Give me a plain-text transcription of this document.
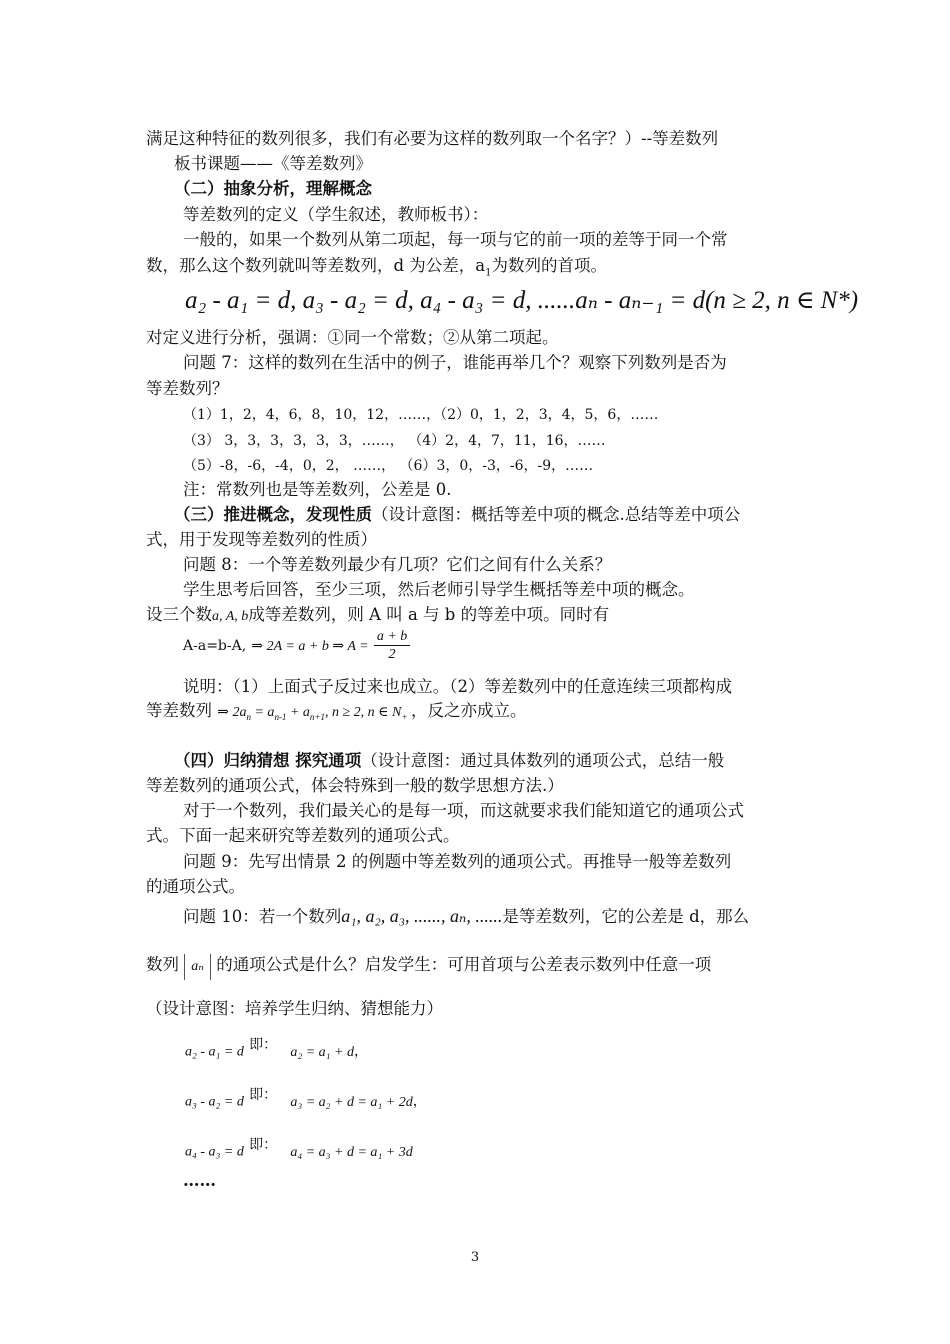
满足这种特征的数列很多，我们有必要为这样的数列取一个名字？）--等差数列
板书课题——《等差数列》
（二）抽象分析，理解概念
等差数列的定义（学生叙述，教师板书）：
一般的，如果一个数列从第二项起，每一项与它的前一项的差等于同一个常
数，那么这个数列就叫等差数列，d 为公差，$a_1$为数列的首项。
a₂ - a₁ = d, a₃ - a₂ = d, a₄ - a₃ = d, ......aₙ - aₙ₋₁ = d(n ≥ 2, n ∈ N*)
对定义进行分析，强调：①同一个常数；②从第二项起。
问题 7：这样的数列在生活中的例子，谁能再举几个？观察下列数列是否为
等差数列？
（1）1，2，4，6，8，10，12，……，（2）0，1，2，3，4，5，6，……
（3） 3，3，3，3，3，3，……， （4）2，4，7，11，16，……
（5）-8，-6，-4，0，2， ……， （6）3，0，-3，-6，-9，……
注：常数列也是等差数列，公差是 0.
（三）推进概念，发现性质（设计意图：概括等差中项的概念.总结等差中项公
式，用于发现等差数列的性质）
问题 8：一个等差数列最少有几项？它们之间有什么关系？
学生思考后回答，至少三项，然后老师引导学生概括等差中项的概念。
设三个数a, A, b成等差数列，则 A 叫 a 与 b 的等差中项。同时有
A-a=b-A, ⇒ 2A = a + b ⇒ $A = \frac{a + b}{2}$
说明：（1）上面式子反过来也成立。（2）等差数列中的任意连续三项都构成
等差数列 ⇒ $2a_n = a_{n-1} + a_{n+1}$, n ≥ 2, n ∈ $N_+$ ，反之亦成立。
（四）归纳猜想 探究通项（设计意图：通过具体数列的通项公式，总结一般
等差数列的通项公式，体会特殊到一般的数学思想方法.）
对于一个数列，我们最关心的是每一项，而这就要求我们能知道它的通项公式
式。下面一起来研究等差数列的通项公式。
问题 9：先写出情景 2 的例题中等差数列的通项公式。再推导一般等差数列
的通项公式。
问题 10：若一个数列a₁, a₂, a₃, ......, aₙ, ......是等差数列，它的公差是 d，那么
数列 aₙ 的通项公式是什么？启发学生：可用首项与公差表示数列中任意一项
（设计意图：培养学生归纳、猜想能力）
a₂ - a₁ = d $^{即:}$ a₂ = a₁ + d，
a₃ - a₂ = d $^{即:}$ a₃ = a₂ + d = a₁ + 2d，
a₄ - a₃ = d $^{即:}$ a₄ = a₃ + d = a₁ + 3d
……
3
